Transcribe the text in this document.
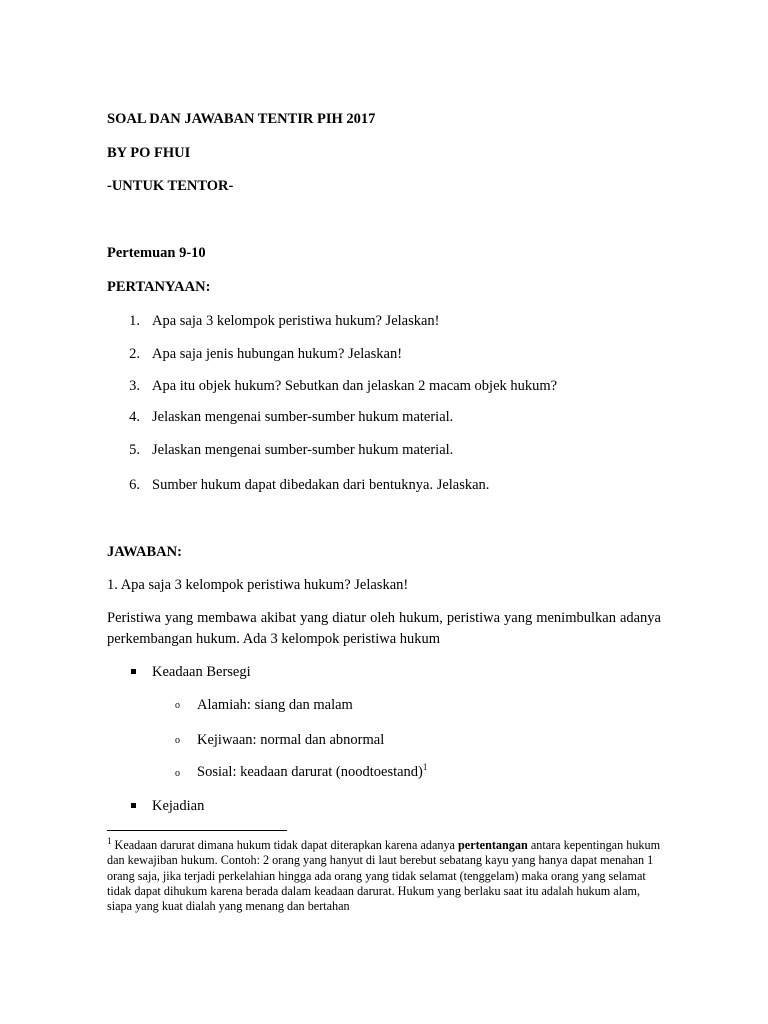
SOAL DAN JAWABAN TENTIR PIH 2017
BY PO FHUI
-UNTUK TENTOR-
Pertemuan 9-10
PERTANYAAN:
1. Apa saja 3 kelompok peristiwa hukum? Jelaskan!
2. Apa saja jenis hubungan hukum? Jelaskan!
3. Apa itu objek hukum? Sebutkan dan jelaskan 2 macam objek hukum?
4. Jelaskan mengenai sumber-sumber hukum material.
5. Jelaskan mengenai sumber-sumber hukum material.
6. Sumber hukum dapat dibedakan dari bentuknya. Jelaskan.
JAWABAN:
1. Apa saja 3 kelompok peristiwa hukum? Jelaskan!
Peristiwa yang membawa akibat yang diatur oleh hukum, peristiwa yang menimbulkan adanya perkembangan hukum. Ada 3 kelompok peristiwa hukum
Keadaan Bersegi
o Alamiah: siang dan malam
o Kejiwaan: normal dan abnormal
o Sosial: keadaan darurat (noodtoestand)$^1$
Kejadian
$^1$ Keadaan darurat dimana hukum tidak dapat diterapkan karena adanya pertentangan antara kepentingan hukum dan kewajiban hukum. Contoh: 2 orang yang hanyut di laut berebut sebatang kayu yang hanya dapat menahan 1 orang saja, jika terjadi perkelahian hingga ada orang yang tidak selamat (tenggelam) maka orang yang selamat tidak dapat dihukum karena berada dalam keadaan darurat. Hukum yang berlaku saat itu adalah hukum alam, siapa yang kuat dialah yang menang dan bertahan
